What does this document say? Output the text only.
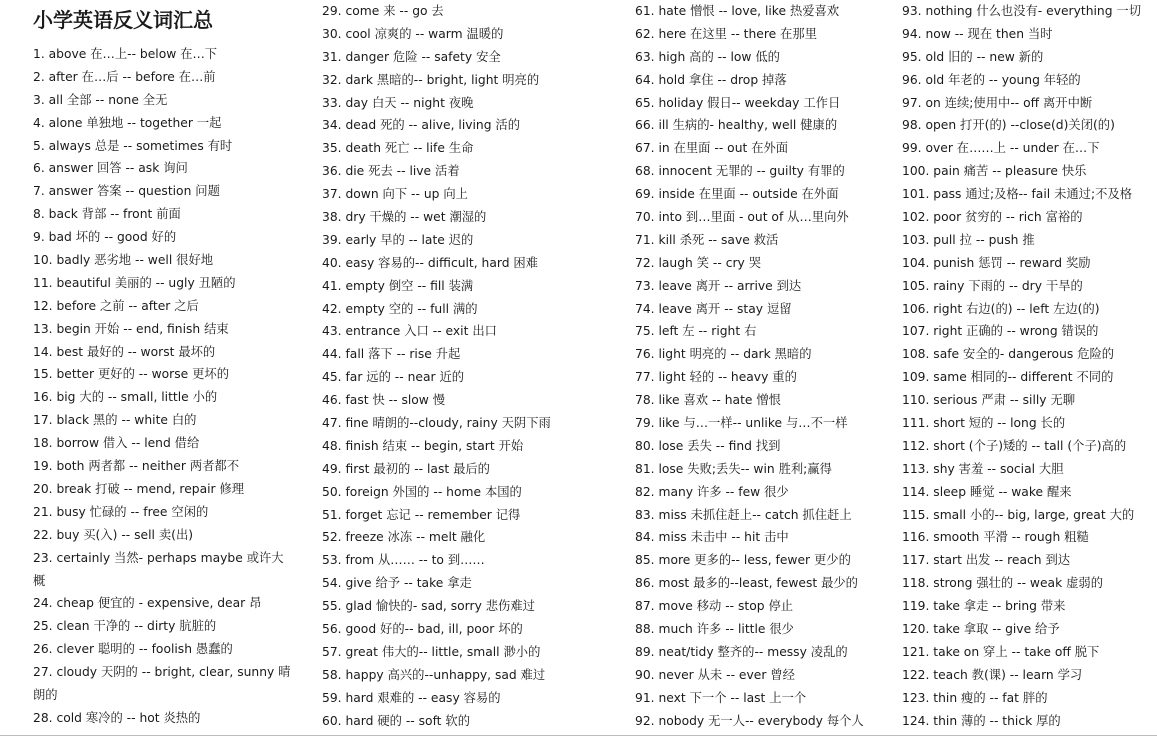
小学英语反义词汇总
1. above 在…上-- below 在…下
2. after 在…后 -- before 在…前
3. all 全部 -- none 全无
4. alone 单独地 -- together 一起
5. always 总是 -- sometimes 有时
6. answer 回答 -- ask 询问
7. answer 答案 -- question 问题
8. back 背部 -- front 前面
9. bad 坏的 -- good 好的
10. badly 恶劣地 -- well 很好地
11. beautiful 美丽的 -- ugly 丑陋的
12. before 之前 -- after 之后
13. begin 开始 -- end, finish 结束
14. best 最好的 -- worst 最坏的
15. better 更好的 -- worse 更坏的
16. big 大的 -- small, little 小的
17. black 黑的 -- white 白的
18. borrow 借入 -- lend 借给
19. both 两者都 -- neither 两者都不
20. break 打破 -- mend, repair 修理
21. busy 忙碌的 -- free 空闲的
22. buy 买(入) -- sell 卖(出)
23. certainly 当然- perhaps maybe 或许大概
24. cheap 便宜的 - expensive, dear 昂
25. clean 干净的 -- dirty 肮脏的
26. clever 聪明的 -- foolish 愚蠢的
27. cloudy 天阴的 -- bright, clear, sunny 晴朗的
28. cold 寒冷的 -- hot 炎热的
29. come 来 -- go 去
30. cool 凉爽的 -- warm 温暖的
31. danger 危险 -- safety 安全
32. dark 黑暗的-- bright, light 明亮的
33. day 白天 -- night 夜晚
34. dead 死的 -- alive, living 活的
35. death 死亡 -- life 生命
36. die 死去 -- live 活着
37. down 向下 -- up 向上
38. dry 干燥的 -- wet 潮湿的
39. early 早的 -- late 迟的
40. easy 容易的-- difficult, hard 困难
41. empty 倒空 -- fill 装满
42. empty 空的 -- full 满的
43. entrance 入口 -- exit 出口
44. fall 落下 -- rise 升起
45. far 远的 -- near 近的
46. fast 快 -- slow 慢
47. fine 晴朗的--cloudy, rainy 天阴下雨
48. finish 结束 -- begin, start 开始
49. first 最初的 -- last 最后的
50. foreign 外国的 -- home 本国的
51. forget 忘记 -- remember 记得
52. freeze 冰冻 -- melt 融化
53. from 从…… -- to 到……
54. give 给予 -- take 拿走
55. glad 愉快的- sad, sorry 悲伤难过
56. good 好的-- bad, ill, poor 坏的
57. great 伟大的-- little, small 渺小的
58. happy 高兴的--unhappy, sad 难过
59. hard 艰难的 -- easy 容易的
60. hard 硬的 -- soft 软的
61. hate 憎恨 -- love, like 热爱喜欢
62. here 在这里 -- there 在那里
63. high 高的 -- low 低的
64. hold 拿住 -- drop 掉落
65. holiday 假日-- weekday 工作日
66. ill 生病的- healthy, well 健康的
67. in 在里面 -- out 在外面
68. innocent 无罪的 -- guilty 有罪的
69. inside 在里面 -- outside 在外面
70. into 到…里面 - out of 从…里向外
71. kill 杀死 -- save 救活
72. laugh 笑 -- cry 哭
73. leave 离开 -- arrive 到达
74. leave 离开 -- stay 逗留
75. left 左 -- right 右
76. light 明亮的 -- dark 黑暗的
77. light 轻的 -- heavy 重的
78. like 喜欢 -- hate 憎恨
79. like 与…一样-- unlike 与…不一样
80. lose 丢失 -- find 找到
81. lose 失败;丢失-- win 胜利;赢得
82. many 许多 -- few 很少
83. miss 未抓住赶上-- catch 抓住赶上
84. miss 未击中 -- hit 击中
85. more 更多的-- less, fewer 更少的
86. most 最多的--least, fewest 最少的
87. move 移动 -- stop 停止
88. much 许多 -- little 很少
89. neat/tidy 整齐的-- messy 凌乱的
90. never 从未 -- ever 曾经
91. next 下一个 -- last 上一个
92. nobody 无一人-- everybody 每个人
93. nothing 什么也没有- everything 一切
94. now -- 现在 then 当时
95. old 旧的 -- new 新的
96. old 年老的 -- young 年轻的
97. on 连续;使用中-- off 离开中断
98. open 打开(的) --close(d)关闭(的)
99. over 在……上 -- under 在…下
100. pain 痛苦 -- pleasure 快乐
101. pass 通过;及格-- fail 未通过;不及格
102. poor 贫穷的 -- rich 富裕的
103. pull 拉 -- push 推
104. punish 惩罚 -- reward 奖励
105. rainy 下雨的 -- dry 干旱的
106. right 右边(的) -- left 左边(的)
107. right 正确的 -- wrong 错误的
108. safe 安全的- dangerous 危险的
109. same 相同的-- different 不同的
110. serious 严肃 -- silly 无聊
111. short 短的 -- long 长的
112. short (个子)矮的 -- tall (个子)高的
113. shy 害羞 -- social 大胆
114. sleep 睡觉 -- wake 醒来
115. small 小的-- big, large, great 大的
116. smooth 平滑 -- rough 粗糙
117. start 出发 -- reach 到达
118. strong 强壮的 -- weak 虚弱的
119. take 拿走 -- bring 带来
120. take 拿取 -- give 给予
121. take on 穿上 -- take off 脱下
122. teach 教(课) -- learn 学习
123. thin 瘦的 -- fat 胖的
124. thin 薄的 -- thick 厚的
